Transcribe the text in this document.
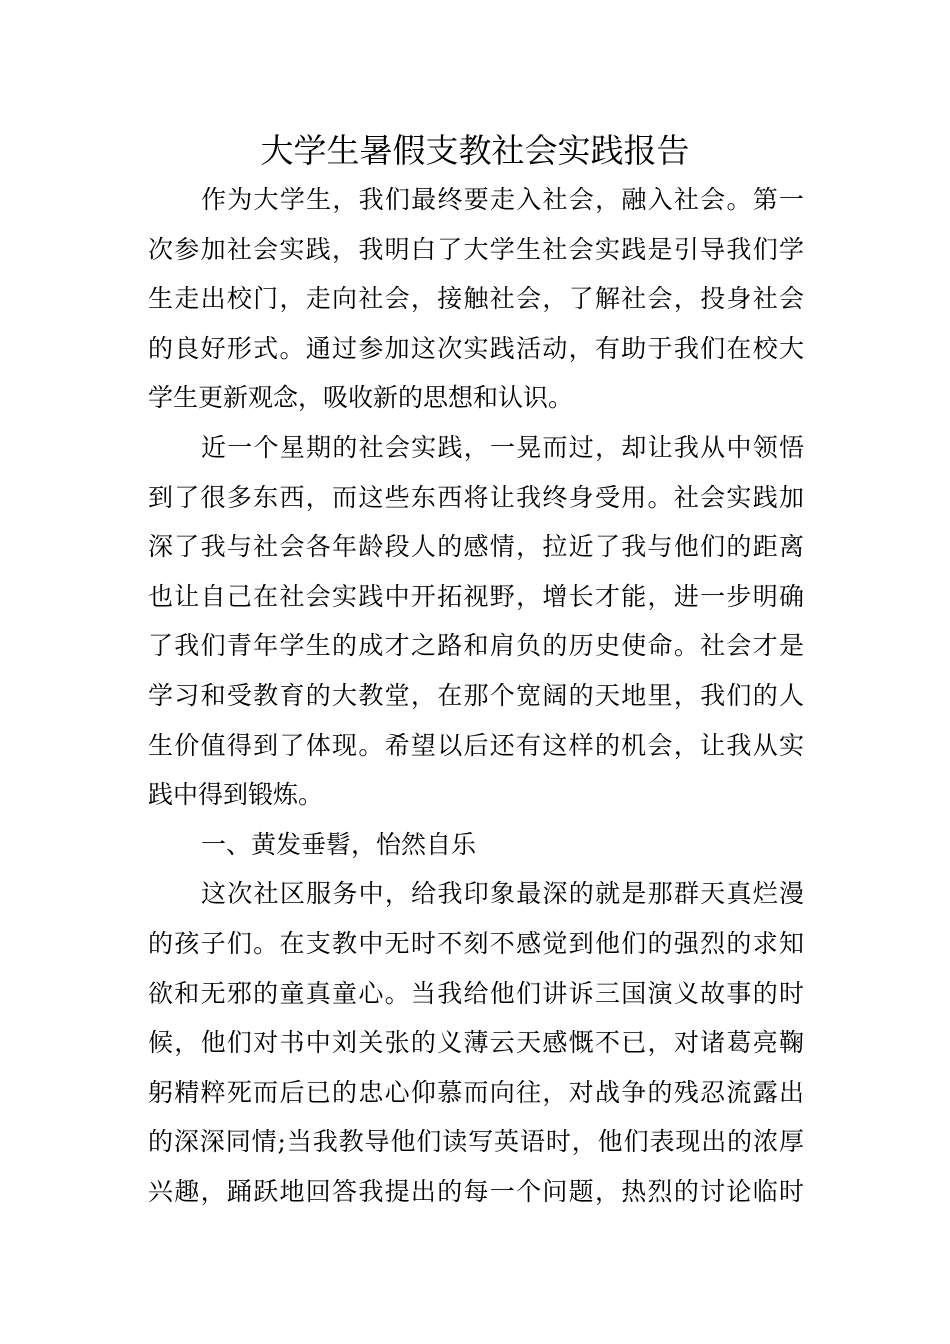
大学生暑假支教社会实践报告
作为大学生，我们最终要走入社会，融入社会。第一
次参加社会实践，我明白了大学生社会实践是引导我们学
生走出校门，走向社会，接触社会，了解社会，投身社会
的良好形式。通过参加这次实践活动，有助于我们在校大
学生更新观念，吸收新的思想和认识。
近一个星期的社会实践，一晃而过，却让我从中领悟
到了很多东西，而这些东西将让我终身受用。社会实践加
深了我与社会各年龄段人的感情，拉近了我与他们的距离
也让自己在社会实践中开拓视野，增长才能，进一步明确
了我们青年学生的成才之路和肩负的历史使命。社会才是
学习和受教育的大教堂，在那个宽阔的天地里，我们的人
生价值得到了体现。希望以后还有这样的机会，让我从实
践中得到锻炼。
一、黄发垂髫，怡然自乐
这次社区服务中，给我印象最深的就是那群天真烂漫
的孩子们。在支教中无时不刻不感觉到他们的强烈的求知
欲和无邪的童真童心。当我给他们讲诉三国演义故事的时
候，他们对书中刘关张的义薄云天感慨不已，对诸葛亮鞠
躬精粹死而后已的忠心仰慕而向往，对战争的残忍流露出
的深深同情;当我教导他们读写英语时，他们表现出的浓厚
兴趣，踊跃地回答我提出的每一个问题，热烈的讨论临时
